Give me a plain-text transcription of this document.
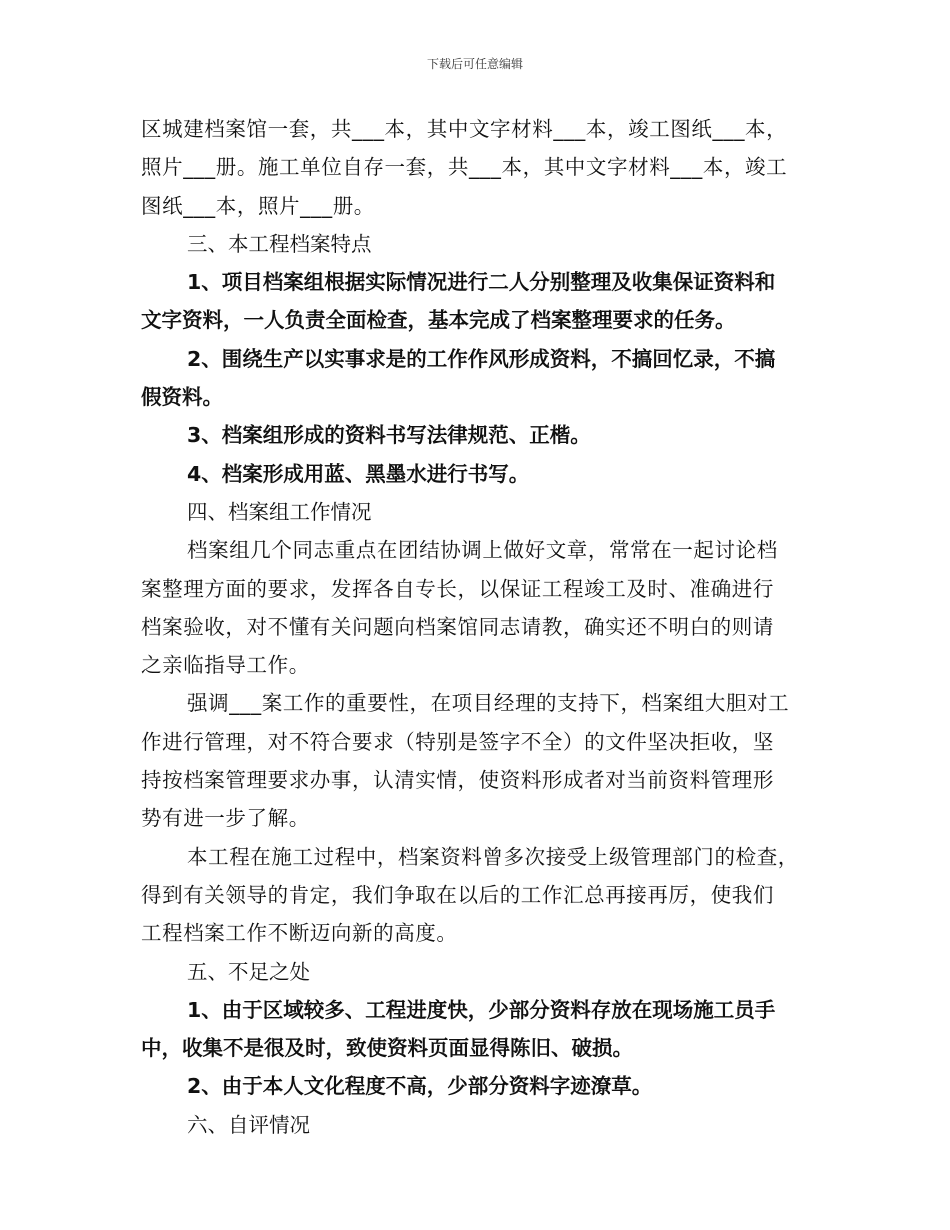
下载后可任意编辑
区城建档案馆一套，共___本，其中文字材料___本，竣工图纸___本，
照片___册。施工单位自存一套，共___本，其中文字材料___本，竣工
图纸___本，照片___册。
三、本工程档案特点
1、项目档案组根据实际情况进行二人分别整理及收集保证资料和
文字资料，一人负责全面检查，基本完成了档案整理要求的任务。
2、围绕生产以实事求是的工作作风形成资料，不搞回忆录，不搞
假资料。
3、档案组形成的资料书写法律规范、正楷。
4、档案形成用蓝、黑墨水进行书写。
四、档案组工作情况
档案组几个同志重点在团结协调上做好文章，常常在一起讨论档
案整理方面的要求，发挥各自专长，以保证工程竣工及时、准确进行
档案验收，对不懂有关问题向档案馆同志请教，确实还不明白的则请
之亲临指导工作。
强调___案工作的重要性，在项目经理的支持下，档案组大胆对工
作进行管理，对不符合要求（特别是签字不全）的文件坚决拒收，坚
持按档案管理要求办事，认清实情，使资料形成者对当前资料管理形
势有进一步了解。
本工程在施工过程中，档案资料曾多次接受上级管理部门的检查，
得到有关领导的肯定，我们争取在以后的工作汇总再接再厉，使我们
工程档案工作不断迈向新的高度。
五、不足之处
1、由于区域较多、工程进度快，少部分资料存放在现场施工员手
中，收集不是很及时，致使资料页面显得陈旧、破损。
2、由于本人文化程度不高，少部分资料字迹潦草。
六、自评情况
